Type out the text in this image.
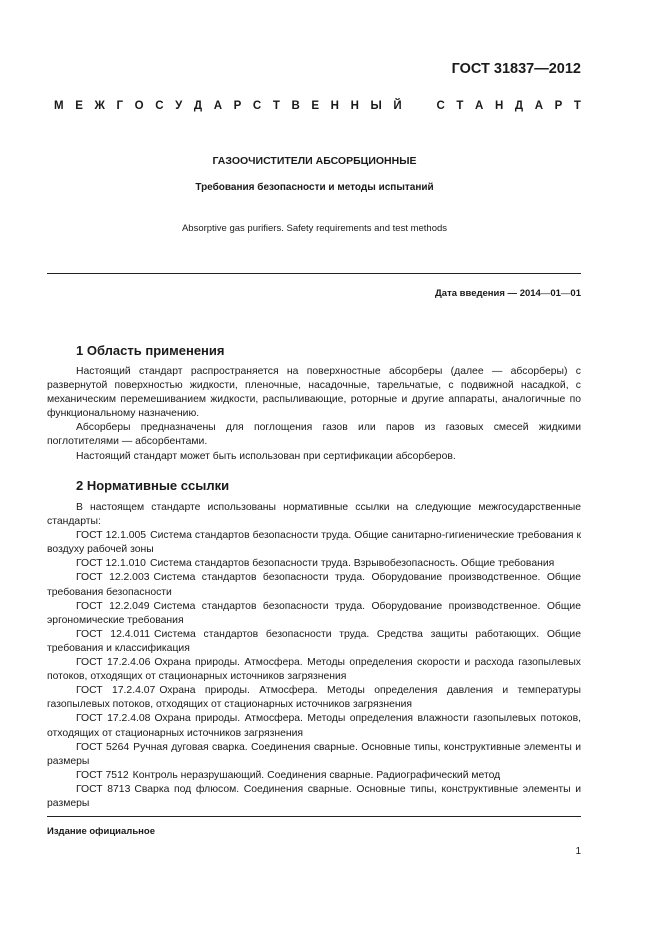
ГОСТ 31837—2012
М Е Ж Г О С У Д А Р С Т В Е Н Н Ы Й	С Т А Н Д А Р Т
ГАЗООЧИСТИТЕЛИ АБСОРБЦИОННЫЕ
Требования безопасности и методы испытаний
Absorptive gas purifiers. Safety requirements and test methods
Дата введения — 2014—01—01
1 Область применения

Настоящий стандарт распространяется на поверхностные абсорберы (далее — абсорберы) с развернутой поверхностью жидкости, пленочные, насадочные, тарельчатые, с подвижной насадкой, с механическим перемешиванием жидкости, распыливающие, роторные и другие аппараты, аналогичные по функциональному назначению.

Абсорберы предназначены для поглощения газов или паров из газовых смесей жидкими поглотителями — абсорбентами.

Настоящий стандарт может быть использован при сертификации абсорберов.

2 Нормативные ссылки

В настоящем стандарте использованы нормативные ссылки на следующие межгосударственные стандарты:

ГОСТ 12.1.005 Система стандартов безопасности труда. Общие санитарно-гигиенические требования к воздуху рабочей зоны

ГОСТ 12.1.010 Система стандартов безопасности труда. Взрывобезопасность. Общие требования

ГОСТ 12.2.003 Система стандартов безопасности труда. Оборудование производственное. Общие требования безопасности

ГОСТ 12.2.049 Система стандартов безопасности труда. Оборудование производственное. Общие эргономические требования

ГОСТ 12.4.011 Система стандартов безопасности труда. Средства защиты работающих. Общие требования и классификация

ГОСТ 17.2.4.06 Охрана природы. Атмосфера. Методы определения скорости и расхода газопылевых потоков, отходящих от стационарных источников загрязнения

ГОСТ 17.2.4.07 Охрана природы. Атмосфера. Методы определения давления и температуры газопылевых потоков, отходящих от стационарных источников загрязнения

ГОСТ 17.2.4.08 Охрана природы. Атмосфера. Методы определения влажности газопылевых потоков, отходящих от стационарных источников загрязнения

ГОСТ 5264 Ручная дуговая сварка. Соединения сварные. Основные типы, конструктивные элементы и размеры

ГОСТ 7512 Контроль неразрушающий. Соединения сварные. Радиографический метод

ГОСТ 8713 Сварка под флюсом. Соединения сварные. Основные типы, конструктивные элементы и размеры

Издание официальное
1
